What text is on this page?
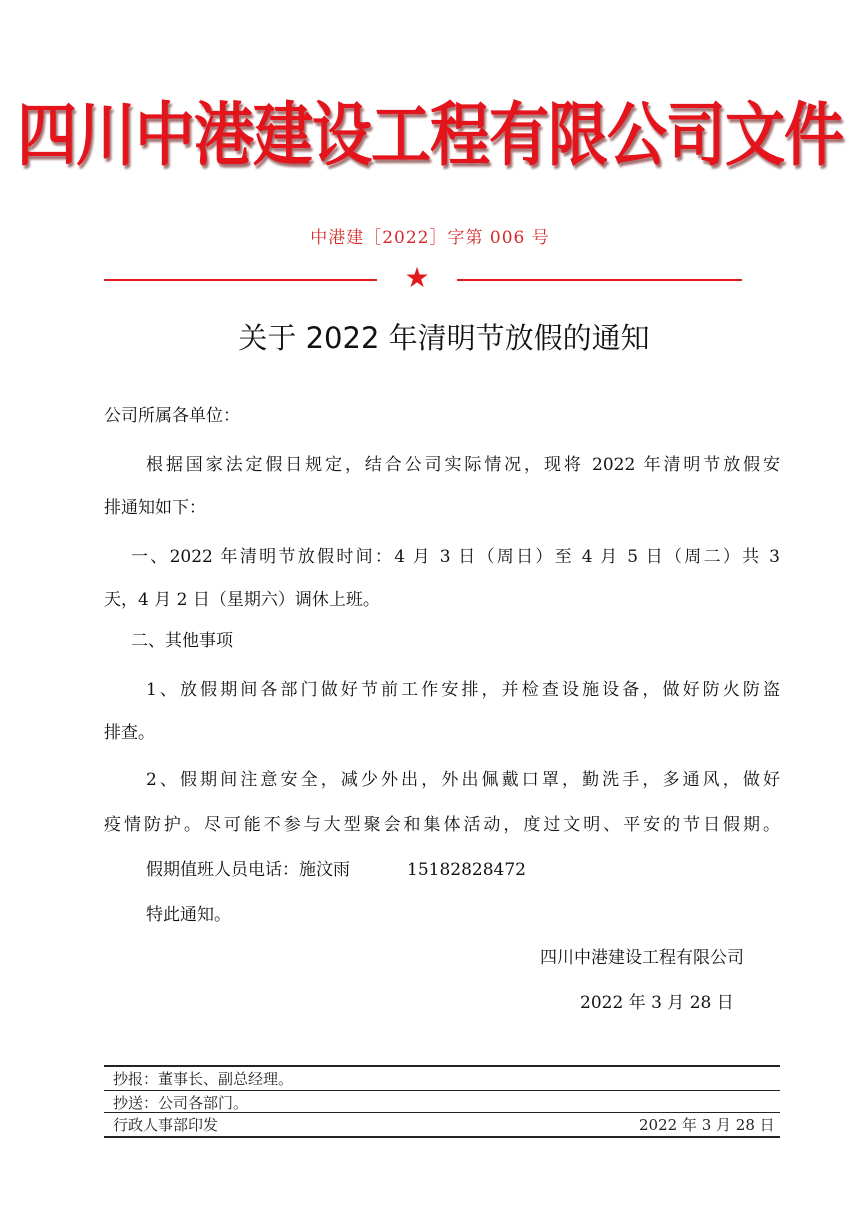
四川中港建设工程有限公司文件
中港建［2022］字第 006 号
★
关于 2022 年清明节放假的通知
公司所属各单位：
根据国家法定假日规定，结合公司实际情况，现将 2022 年清明节放假安
排通知如下：
一、2022 年清明节放假时间：4 月 3 日（周日）至 4 月 5 日（周二）共 3
天，4 月 2 日（星期六）调休上班。
二、其他事项
1、放假期间各部门做好节前工作安排，并检查设施设备，做好防火防盗
排查。
2、假期间注意安全，减少外出，外出佩戴口罩，勤洗手，多通风，做好
疫情防护。尽可能不参与大型聚会和集体活动，度过文明、平安的节日假期。
假期值班人员电话：施汶雨	15182828472
特此通知。
四川中港建设工程有限公司
2022 年 3 月 28 日
抄报：董事长、副总经理。
抄送：公司各部门。
行政人事部印发	2022 年 3 月 28 日
